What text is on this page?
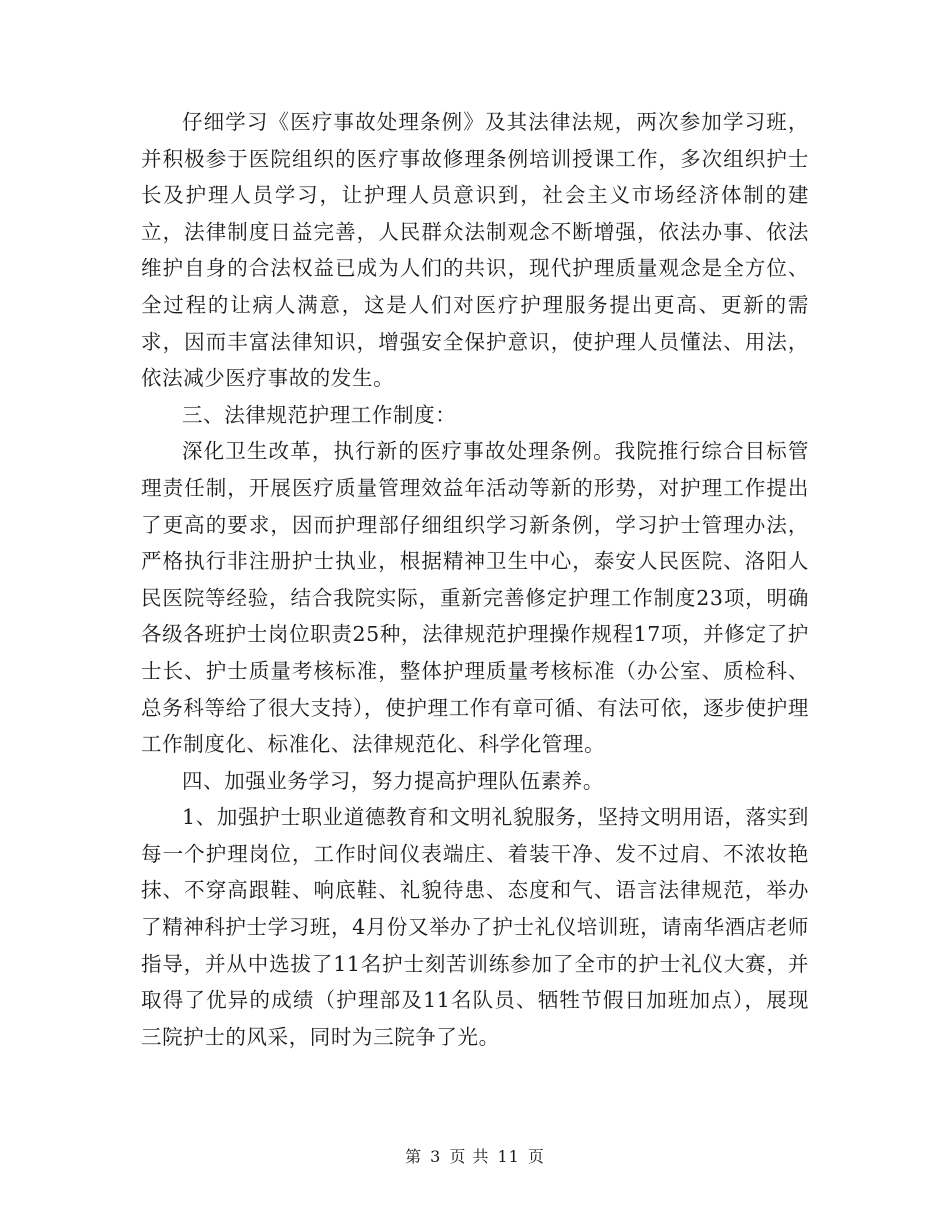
仔细学习《医疗事故处理条例》及其法律法规，两次参加学习班，并积极参于医院组织的医疗事故修理条例培训授课工作，多次组织护士长及护理人员学习，让护理人员意识到，社会主义市场经济体制的建立，法律制度日益完善，人民群众法制观念不断增强，依法办事、依法维护自身的合法权益已成为人们的共识，现代护理质量观念是全方位、全过程的让病人满意，这是人们对医疗护理服务提出更高、更新的需求，因而丰富法律知识，增强安全保护意识，使护理人员懂法、用法，依法减少医疗事故的发生。

三、法律规范护理工作制度：

深化卫生改革，执行新的医疗事故处理条例。我院推行综合目标管理责任制，开展医疗质量管理效益年活动等新的形势，对护理工作提出了更高的要求，因而护理部仔细组织学习新条例，学习护士管理办法，严格执行非注册护士执业，根据精神卫生中心，泰安人民医院、洛阳人民医院等经验，结合我院实际，重新完善修定护理工作制度23项，明确各级各班护士岗位职责25种，法律规范护理操作规程17项，并修定了护士长、护士质量考核标准，整体护理质量考核标准（办公室、质检科、总务科等给了很大支持），使护理工作有章可循、有法可依，逐步使护理工作制度化、标准化、法律规范化、科学化管理。

四、加强业务学习，努力提高护理队伍素养。

1、加强护士职业道德教育和文明礼貌服务，坚持文明用语，落实到每一个护理岗位，工作时间仪表端庄、着装干净、发不过肩、不浓妆艳抹、不穿高跟鞋、响底鞋、礼貌待患、态度和气、语言法律规范，举办了精神科护士学习班，4月份又举办了护士礼仪培训班，请南华酒店老师指导，并从中选拔了11名护士刻苦训练参加了全市的护士礼仪大赛，并取得了优异的成绩（护理部及11名队员、牺牲节假日加班加点），展现三院护士的风采，同时为三院争了光。

第 3 页 共 11 页
